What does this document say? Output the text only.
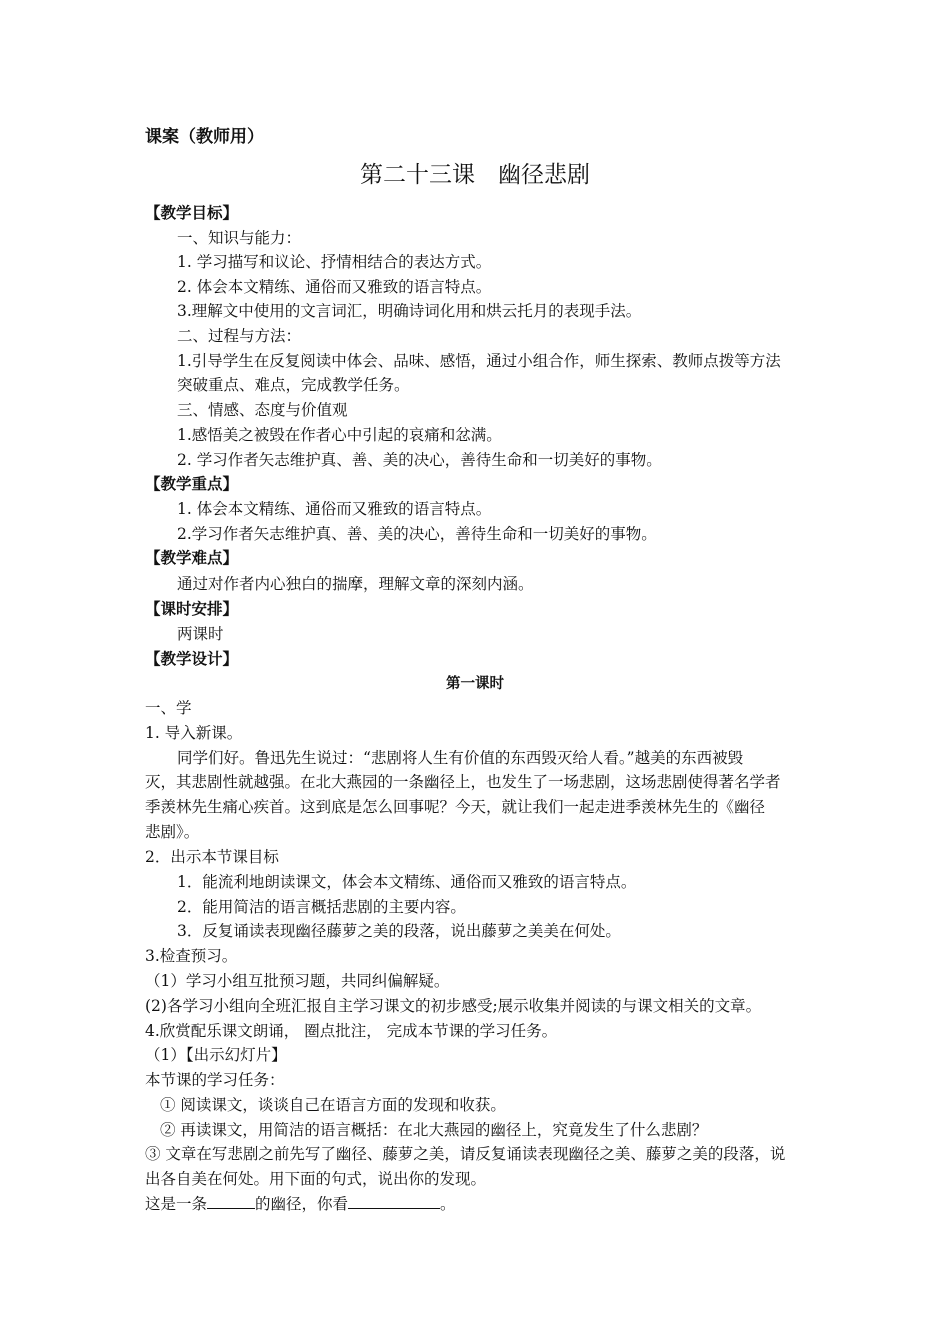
课案（教师用）
第二十三课　幽径悲剧
【教学目标】
一、知识与能力：
1. 学习描写和议论、抒情相结合的表达方式。
2. 体会本文精练、通俗而又雅致的语言特点。
3.理解文中使用的文言词汇，明确诗词化用和烘云托月的表现手法。
二、过程与方法：
1.引导学生在反复阅读中体会、品味、感悟，通过小组合作，师生探索、教师点拨等方法
突破重点、难点，完成教学任务。
三、情感、态度与价值观
1.感悟美之被毁在作者心中引起的哀痛和忿满。
2. 学习作者矢志维护真、善、美的决心，善待生命和一切美好的事物。
【教学重点】
1. 体会本文精练、通俗而又雅致的语言特点。
2.学习作者矢志维护真、善、美的决心，善待生命和一切美好的事物。
【教学难点】
通过对作者内心独白的揣摩，理解文章的深刻内涵。
【课时安排】
两课时
【教学设计】
第一课时
一、学
1. 导入新课。
同学们好。鲁迅先生说过：“悲剧将人生有价值的东西毁灭给人看。”越美的东西被毁
灭，其悲剧性就越强。在北大燕园的一条幽径上，也发生了一场悲剧，这场悲剧使得著名学者
季羡林先生痛心疾首。这到底是怎么回事呢？今天，就让我们一起走进季羡林先生的《幽径
悲剧》。
2．出示本节课目标
1．能流利地朗读课文，体会本文精练、通俗而又雅致的语言特点。
2．能用简洁的语言概括悲剧的主要内容。
3．反复诵读表现幽径藤萝之美的段落，说出藤萝之美美在何处。
3.检查预习。
（1）学习小组互批预习题，共同纠偏解疑。
(2)各学习小组向全班汇报自主学习课文的初步感受;展示收集并阅读的与课文相关的文章。
4.欣赏配乐课文朗诵， 圈点批注， 完成本节课的学习任务。
（1）【出示幻灯片】
本节课的学习任务：
① 阅读课文，谈谈自己在语言方面的发现和收获。
② 再读课文，用简洁的语言概括：在北大燕园的幽径上，究竟发生了什么悲剧？
③ 文章在写悲剧之前先写了幽径、藤萝之美，请反复诵读表现幽径之美、藤萝之美的段落，说
出各自美在何处。用下面的句式，说出你的发现。
这是一条	的幽径，你看	。
